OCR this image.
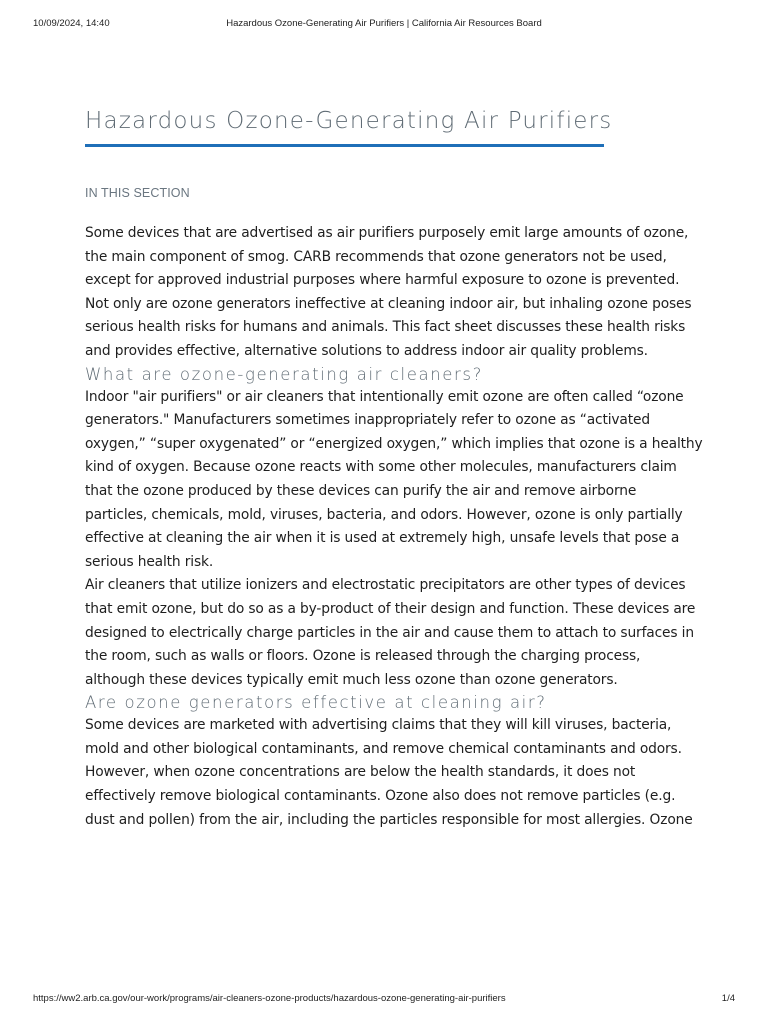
10/09/2024, 14:40	Hazardous Ozone-Generating Air Purifiers | California Air Resources Board
Hazardous Ozone-Generating Air Purifiers
IN THIS SECTION

Some devices that are advertised as air purifiers purposely emit large amounts of ozone,
the main component of smog. CARB recommends that ozone generators not be used,
except for approved industrial purposes where harmful exposure to ozone is prevented.
Not only are ozone generators ineffective at cleaning indoor air, but inhaling ozone poses
serious health risks for humans and animals. This fact sheet discusses these health risks
and provides effective, alternative solutions to address indoor air quality problems.

What are ozone-generating air cleaners?

Indoor "air purifiers" or air cleaners that intentionally emit ozone are often called “ozone
generators." Manufacturers sometimes inappropriately refer to ozone as “activated
oxygen,” “super oxygenated” or “energized oxygen,” which implies that ozone is a healthy
kind of oxygen. Because ozone reacts with some other molecules, manufacturers claim
that the ozone produced by these devices can purify the air and remove airborne
particles, chemicals, mold, viruses, bacteria, and odors. However, ozone is only partially
effective at cleaning the air when it is used at extremely high, unsafe levels that pose a
serious health risk.

Air cleaners that utilize ionizers and electrostatic precipitators are other types of devices
that emit ozone, but do so as a by-product of their design and function. These devices are
designed to electrically charge particles in the air and cause them to attach to surfaces in
the room, such as walls or floors. Ozone is released through the charging process,
although these devices typically emit much less ozone than ozone generators.

Are ozone generators effective at cleaning air?

Some devices are marketed with advertising claims that they will kill viruses, bacteria,
mold and other biological contaminants, and remove chemical contaminants and odors.
However, when ozone concentrations are below the health standards, it does not
effectively remove biological contaminants. Ozone also does not remove particles (e.g.
dust and pollen) from the air, including the particles responsible for most allergies. Ozone

https://ww2.arb.ca.gov/our-work/programs/air-cleaners-ozone-products/hazardous-ozone-generating-air-purifiers	1/4
